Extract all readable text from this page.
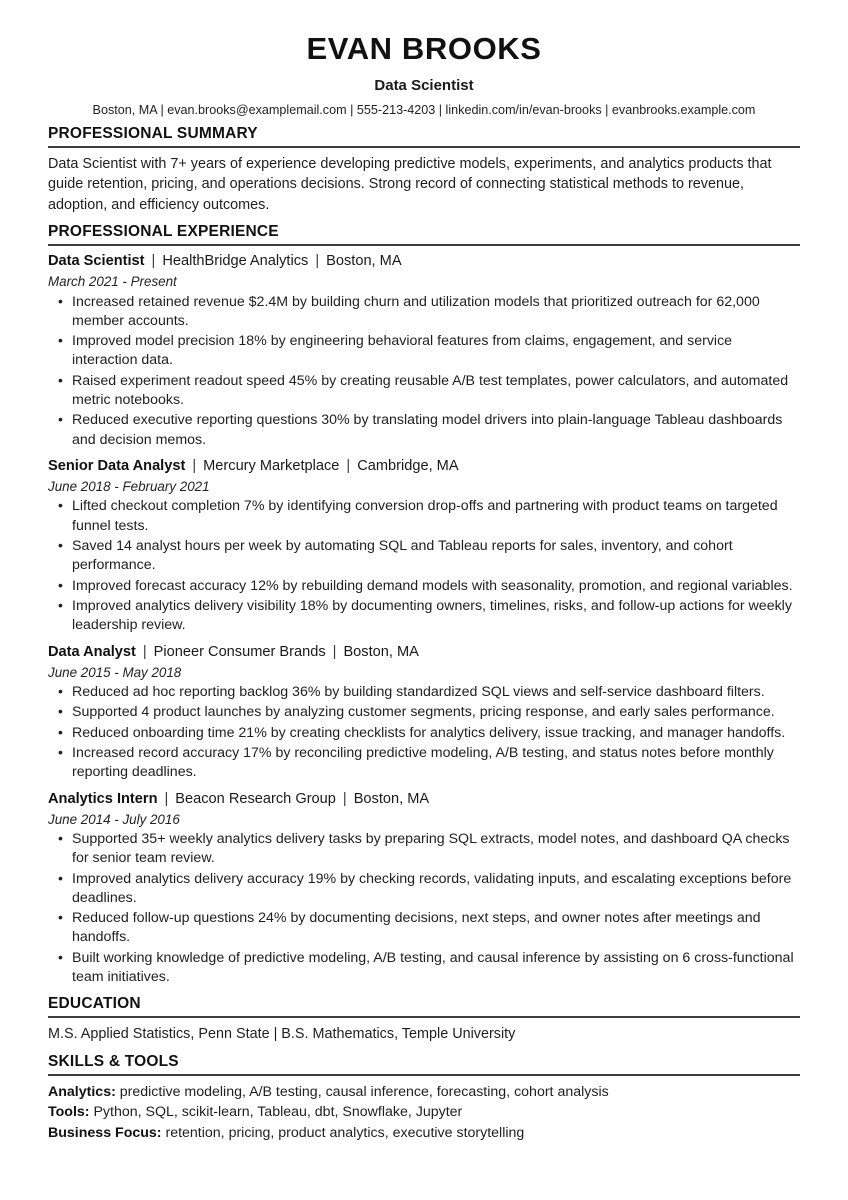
EVAN BROOKS
Data Scientist
Boston, MA | evan.brooks@examplemail.com | 555-213-4203 | linkedin.com/in/evan-brooks | evanbrooks.example.com
PROFESSIONAL SUMMARY

Data Scientist with 7+ years of experience developing predictive models, experiments, and analytics products that guide retention, pricing, and operations decisions. Strong record of connecting statistical methods to revenue, adoption, and efficiency outcomes.

PROFESSIONAL EXPERIENCE
Data Scientist | HealthBridge Analytics | Boston, MA
March 2021 - Present
• Increased retained revenue $2.4M by building churn and utilization models that prioritized outreach for 62,000 member accounts.
• Improved model precision 18% by engineering behavioral features from claims, engagement, and service interaction data.
• Raised experiment readout speed 45% by creating reusable A/B test templates, power calculators, and automated metric notebooks.
• Reduced executive reporting questions 30% by translating model drivers into plain-language Tableau dashboards and decision memos.
Senior Data Analyst | Mercury Marketplace | Cambridge, MA
June 2018 - February 2021
• Lifted checkout completion 7% by identifying conversion drop-offs and partnering with product teams on targeted funnel tests.
• Saved 14 analyst hours per week by automating SQL and Tableau reports for sales, inventory, and cohort performance.
• Improved forecast accuracy 12% by rebuilding demand models with seasonality, promotion, and regional variables.
• Improved analytics delivery visibility 18% by documenting owners, timelines, risks, and follow-up actions for weekly leadership review.
Data Analyst | Pioneer Consumer Brands | Boston, MA
June 2015 - May 2018
• Reduced ad hoc reporting backlog 36% by building standardized SQL views and self-service dashboard filters.
• Supported 4 product launches by analyzing customer segments, pricing response, and early sales performance.
• Reduced onboarding time 21% by creating checklists for analytics delivery, issue tracking, and manager handoffs.
• Increased record accuracy 17% by reconciling predictive modeling, A/B testing, and status notes before monthly reporting deadlines.
Analytics Intern | Beacon Research Group | Boston, MA
June 2014 - July 2016
• Supported 35+ weekly analytics delivery tasks by preparing SQL extracts, model notes, and dashboard QA checks for senior team review.
• Improved analytics delivery accuracy 19% by checking records, validating inputs, and escalating exceptions before deadlines.
• Reduced follow-up questions 24% by documenting decisions, next steps, and owner notes after meetings and handoffs.
• Built working knowledge of predictive modeling, A/B testing, and causal inference by assisting on 6 cross-functional team initiatives.
EDUCATION

M.S. Applied Statistics, Penn State | B.S. Mathematics, Temple University

SKILLS & TOOLS

Analytics: predictive modeling, A/B testing, causal inference, forecasting, cohort analysis

Tools: Python, SQL, scikit-learn, Tableau, dbt, Snowflake, Jupyter

Business Focus: retention, pricing, product analytics, executive storytelling
